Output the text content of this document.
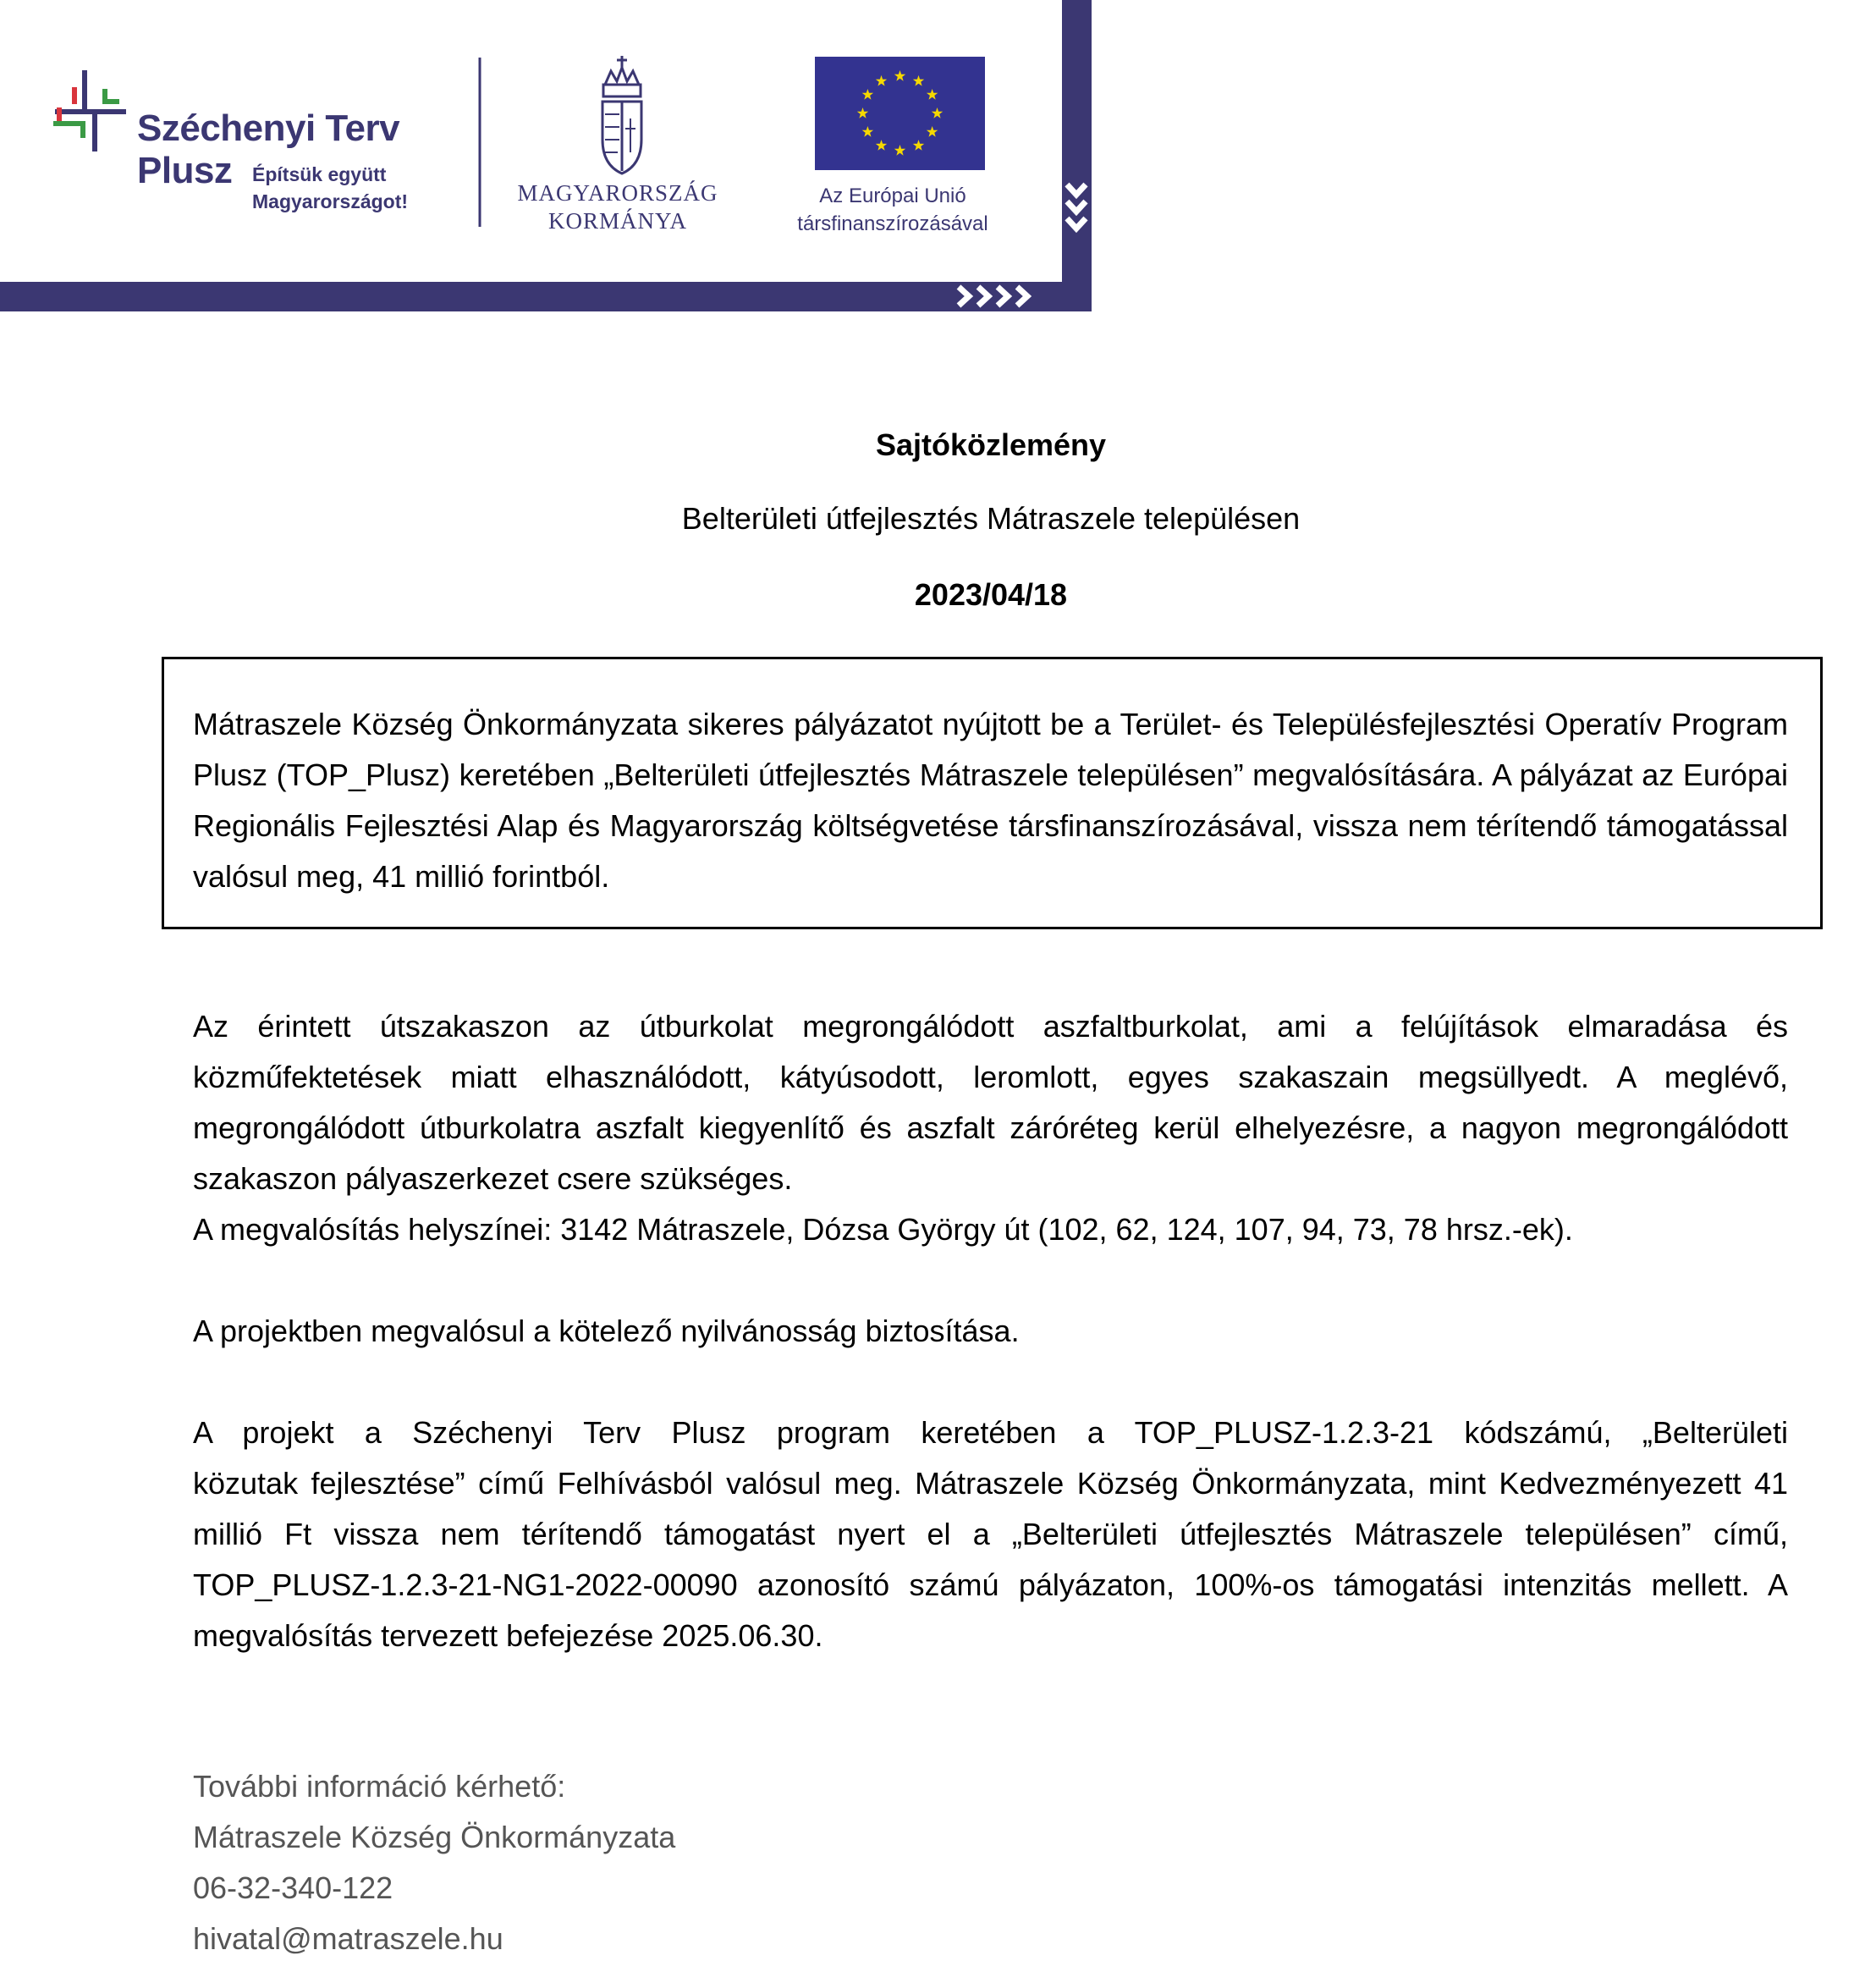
Széchenyi Terv
Plusz Építsük együtt
Magyarországot!	MAGYARORSZÁG
KORMÁNYA
Az Európai Unió
társfinanszírozásával
Sajtóközlemény
Belterületi útfejlesztés Mátraszele településen
2023/04/18

Mátraszele Község Önkormányzata sikeres pályázatot nyújtott be a Terület- és Településfejlesztési Operatív Program Plusz (TOP_Plusz) keretében „Belterületi útfejlesztés Mátraszele településen” megvalósítására. A pályázat az Európai Regionális Fejlesztési Alap és Magyarország költségvetése társfinanszírozásával, vissza nem térítendő támogatással valósul meg, 41 millió forintból.

Az érintett útszakaszon az útburkolat megrongálódott aszfaltburkolat, ami a felújítások elmaradása és közműfektetések miatt elhasználódott, kátyúsodott, leromlott, egyes szakaszain megsüllyedt. A meglévő, megrongálódott útburkolatra aszfalt kiegyenlítő és aszfalt záróréteg kerül elhelyezésre, a nagyon megrongálódott szakaszon pályaszerkezet csere szükséges.

A megvalósítás helyszínei: 3142 Mátraszele, Dózsa György út (102, 62, 124, 107, 94, 73, 78 hrsz.-ek).

A projektben megvalósul a kötelező nyilvánosság biztosítása.

A projekt a Széchenyi Terv Plusz program keretében a TOP_PLUSZ-1.2.3-21 kódszámú, „Belterületi

közutak fejlesztése” című Felhívásból valósul meg. Mátraszele Község Önkormányzata, mint Kedvezményezett 41 millió Ft vissza nem térítendő támogatást nyert el a „Belterületi útfejlesztés Mátraszele településen” című, TOP_PLUSZ-1.2.3-21-NG1-2022-00090 azonosító számú pályázaton, 100%-os támogatási intenzitás mellett. A megvalósítás tervezett befejezése 2025.06.30.

További információ kérhető:

Mátraszele Község Önkormányzata

06-32-340-122

hivatal@matraszele.hu
